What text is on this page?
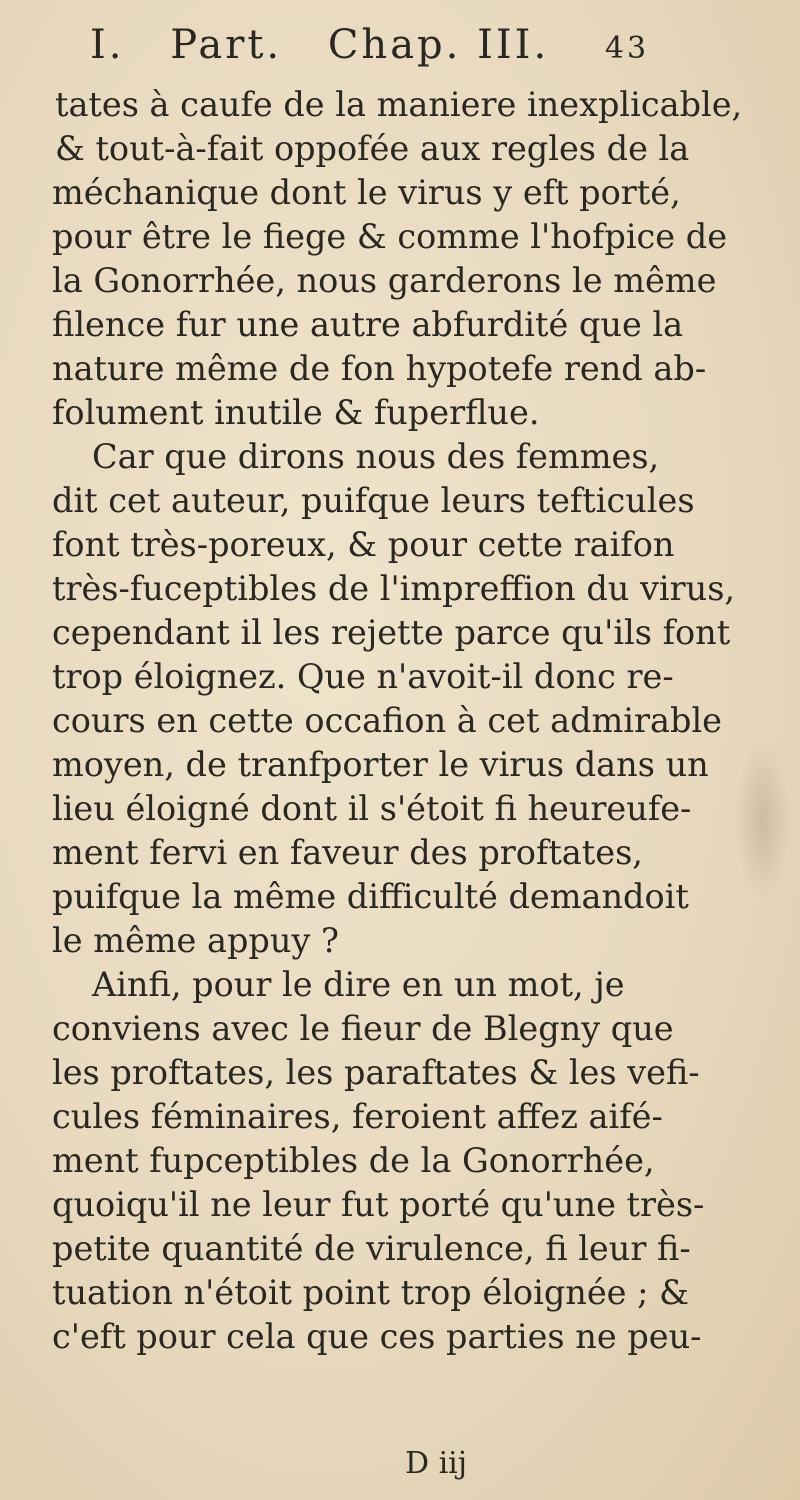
I. Part. Chap. III. 43
tates à caufe de la maniere inexplicable,
& tout-à-fait oppofée aux regles de la
méchanique dont le virus y eft porté,
pour être le fiege & comme l'hofpice de
la Gonorrhée, nous garderons le même
filence fur une autre abfurdité que la
nature même de fon hypotefe rend ab-
folument inutile & fuperflue.
Car que dirons nous des femmes,
dit cet auteur, puifque leurs tefticules
font très-poreux, & pour cette raifon
très-fuceptibles de l'impreffion du virus,
cependant il les rejette parce qu'ils font
trop éloignez. Que n'avoit-il donc re-
cours en cette occafion à cet admirable
moyen, de tranfporter le virus dans un
lieu éloigné dont il s'étoit fi heureufe-
ment fervi en faveur des proftates,
puifque la même difficulté demandoit
le même appuy ?
Ainfi, pour le dire en un mot, je
conviens avec le fieur de Blegny que
les proftates, les paraftates & les vefi-
cules féminaires, feroient affez aifé-
ment fupceptibles de la Gonorrhée,
quoiqu'il ne leur fut porté qu'une très-
petite quantité de virulence, fi leur fi-
tuation n'étoit point trop éloignée ; &
c'eft pour cela que ces parties ne peu-
D iij
